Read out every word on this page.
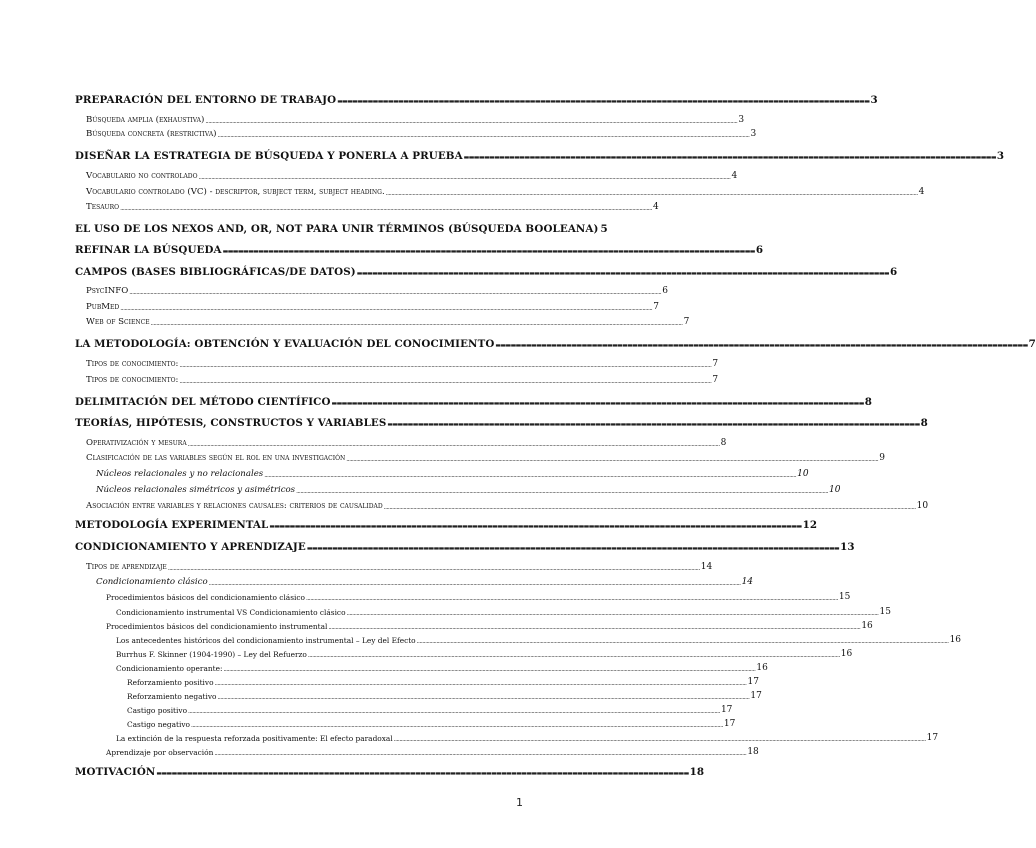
PREPARACIÓN DEL ENTORNO DE TRABAJO ▬▬▬▬▬▬▬▬▬▬▬▬▬▬▬▬▬▬▬▬▬▬▬▬▬▬▬▬▬▬▬▬▬▬▬▬▬▬▬▬▬▬▬▬▬▬▬▬▬▬▬▬▬▬▬▬▬▬▬▬▬▬▬▬▬▬▬▬▬▬▬▬▬▬▬▬▬▬▬▬▬▬▬▬▬▬▬▬▬▬▬▬▬▬▬▬▬▬▬▬▬▬▬▬▬	3
Búsqueda amplia (exhaustiva) .....	3
Búsqueda concreta (restrictiva) .....	3
DISEÑAR LA ESTRATEGIA DE BÚSQUEDA Y PONERLA A PRUEBA ▬▬▬▬▬▬▬▬▬▬▬▬▬▬▬▬▬▬▬▬▬▬▬▬▬▬▬▬▬▬▬▬▬▬▬▬▬▬▬▬▬▬▬▬▬▬▬▬▬▬▬▬▬▬▬▬▬▬▬▬▬▬▬▬▬▬▬▬▬▬▬▬▬▬▬▬▬▬▬▬▬▬▬▬▬▬▬▬▬▬▬▬▬▬▬▬▬▬▬▬▬▬▬▬▬	3
Vocabulario no controlado .....	4
Vocabulario controlado (VC) - descriptor, subject term, subject heading. .....	4
Tesauro .....	4
EL USO DE LOS NEXOS AND, OR, NOT PARA UNIR TÉRMINOS (BÚSQUEDA BOOLEANA) 5
REFINAR LA BÚSQUEDA ▬▬▬▬▬▬▬▬▬▬▬▬▬▬▬▬▬▬▬▬▬▬▬▬▬▬▬▬▬▬▬▬▬▬▬▬▬▬▬▬▬▬▬▬▬▬▬▬▬▬▬▬▬▬▬▬▬▬▬▬▬▬▬▬▬▬▬▬▬▬▬▬▬▬▬▬▬▬▬▬▬▬▬▬▬▬▬▬▬▬▬▬▬▬▬▬▬▬▬▬▬▬▬▬▬	6
CAMPOS (BASES BIBLIOGRÁFICAS/DE DATOS) ▬▬▬▬▬▬▬▬▬▬▬▬▬▬▬▬▬▬▬▬▬▬▬▬▬▬▬▬▬▬▬▬▬▬▬▬▬▬▬▬▬▬▬▬▬▬▬▬▬▬▬▬▬▬▬▬▬▬▬▬▬▬▬▬▬▬▬▬▬▬▬▬▬▬▬▬▬▬▬▬▬▬▬▬▬▬▬▬▬▬▬▬▬▬▬▬▬▬▬▬▬▬▬▬▬	6
PsycINFO .....	6
PubMed .....	7
Web of Science .....	7
LA METODOLOGÍA: OBTENCIÓN Y EVALUACIÓN DEL CONOCIMIENTO ▬▬▬▬▬▬▬▬▬▬▬▬▬▬▬▬▬▬▬▬▬▬▬▬▬▬▬▬▬▬▬▬▬▬▬▬▬▬▬▬▬▬▬▬▬▬▬▬▬▬▬▬▬▬▬▬▬▬▬▬▬▬▬▬▬▬▬▬▬▬▬▬▬▬▬▬▬▬▬▬▬▬▬▬▬▬▬▬▬▬▬▬▬▬▬▬▬▬▬▬▬▬▬▬▬	7
Tipos de conocimiento: .....	7
Tipos de conocimiento: .....	7
DELIMITACIÓN DEL MÉTODO CIENTÍFICO ▬▬▬▬▬▬▬▬▬▬▬▬▬▬▬▬▬▬▬▬▬▬▬▬▬▬▬▬▬▬▬▬▬▬▬▬▬▬▬▬▬▬▬▬▬▬▬▬▬▬▬▬▬▬▬▬▬▬▬▬▬▬▬▬▬▬▬▬▬▬▬▬▬▬▬▬▬▬▬▬▬▬▬▬▬▬▬▬▬▬▬▬▬▬▬▬▬▬▬▬▬▬▬▬▬	8
TEORÍAS, HIPÓTESIS, CONSTRUCTOS Y VARIABLES ▬▬▬▬▬▬▬▬▬▬▬▬▬▬▬▬▬▬▬▬▬▬▬▬▬▬▬▬▬▬▬▬▬▬▬▬▬▬▬▬▬▬▬▬▬▬▬▬▬▬▬▬▬▬▬▬▬▬▬▬▬▬▬▬▬▬▬▬▬▬▬▬▬▬▬▬▬▬▬▬▬▬▬▬▬▬▬▬▬▬▬▬▬▬▬▬▬▬▬▬▬▬▬▬▬	8
Operativización y mesura .....	8
Clasificación de las variables según el rol en una investigación .....	9
Núcleos relacionales y no relacionales .....	10
Núcleos relacionales simétricos y asimétricos .....	10
Asociación entre variables y relaciones causales: criterios de causalidad .....	10
METODOLOGÍA EXPERIMENTAL ▬▬▬▬▬▬▬▬▬▬▬▬▬▬▬▬▬▬▬▬▬▬▬▬▬▬▬▬▬▬▬▬▬▬▬▬▬▬▬▬▬▬▬▬▬▬▬▬▬▬▬▬▬▬▬▬▬▬▬▬▬▬▬▬▬▬▬▬▬▬▬▬▬▬▬▬▬▬▬▬▬▬▬▬▬▬▬▬▬▬▬▬▬▬▬▬▬▬▬▬▬▬▬▬▬	12
CONDICIONAMIENTO Y APRENDIZAJE ▬▬▬▬▬▬▬▬▬▬▬▬▬▬▬▬▬▬▬▬▬▬▬▬▬▬▬▬▬▬▬▬▬▬▬▬▬▬▬▬▬▬▬▬▬▬▬▬▬▬▬▬▬▬▬▬▬▬▬▬▬▬▬▬▬▬▬▬▬▬▬▬▬▬▬▬▬▬▬▬▬▬▬▬▬▬▬▬▬▬▬▬▬▬▬▬▬▬▬▬▬▬▬▬▬	13
Tipos de aprendizaje .....	14
Condicionamiento clásico .....	14
Procedimientos básicos del condicionamiento clásico .....	15
Condicionamiento instrumental VS Condicionamiento clásico .....	15
Procedimientos básicos del condicionamiento instrumental .....	16
Los antecedentes históricos del condicionamiento instrumental – Ley del Efecto .....	16
Burrhus F. Skinner (1904-1990) – Ley del Refuerzo .....	16
Condicionamiento operante: .....	16
Reforzamiento positivo .....	17
Reforzamiento negativo .....	17
Castigo positivo .....	17
Castigo negativo .....	17
La extinción de la respuesta reforzada positivamente: El efecto paradoxal .....	17
Aprendizaje por observación .....	18
MOTIVACIÓN ▬▬▬▬▬▬▬▬▬▬▬▬▬▬▬▬▬▬▬▬▬▬▬▬▬▬▬▬▬▬▬▬▬▬▬▬▬▬▬▬▬▬▬▬▬▬▬▬▬▬▬▬▬▬▬▬▬▬▬▬▬▬▬▬▬▬▬▬▬▬▬▬▬▬▬▬▬▬▬▬▬▬▬▬▬▬▬▬▬▬▬▬▬▬▬▬▬▬▬▬▬▬▬▬▬	18
1
